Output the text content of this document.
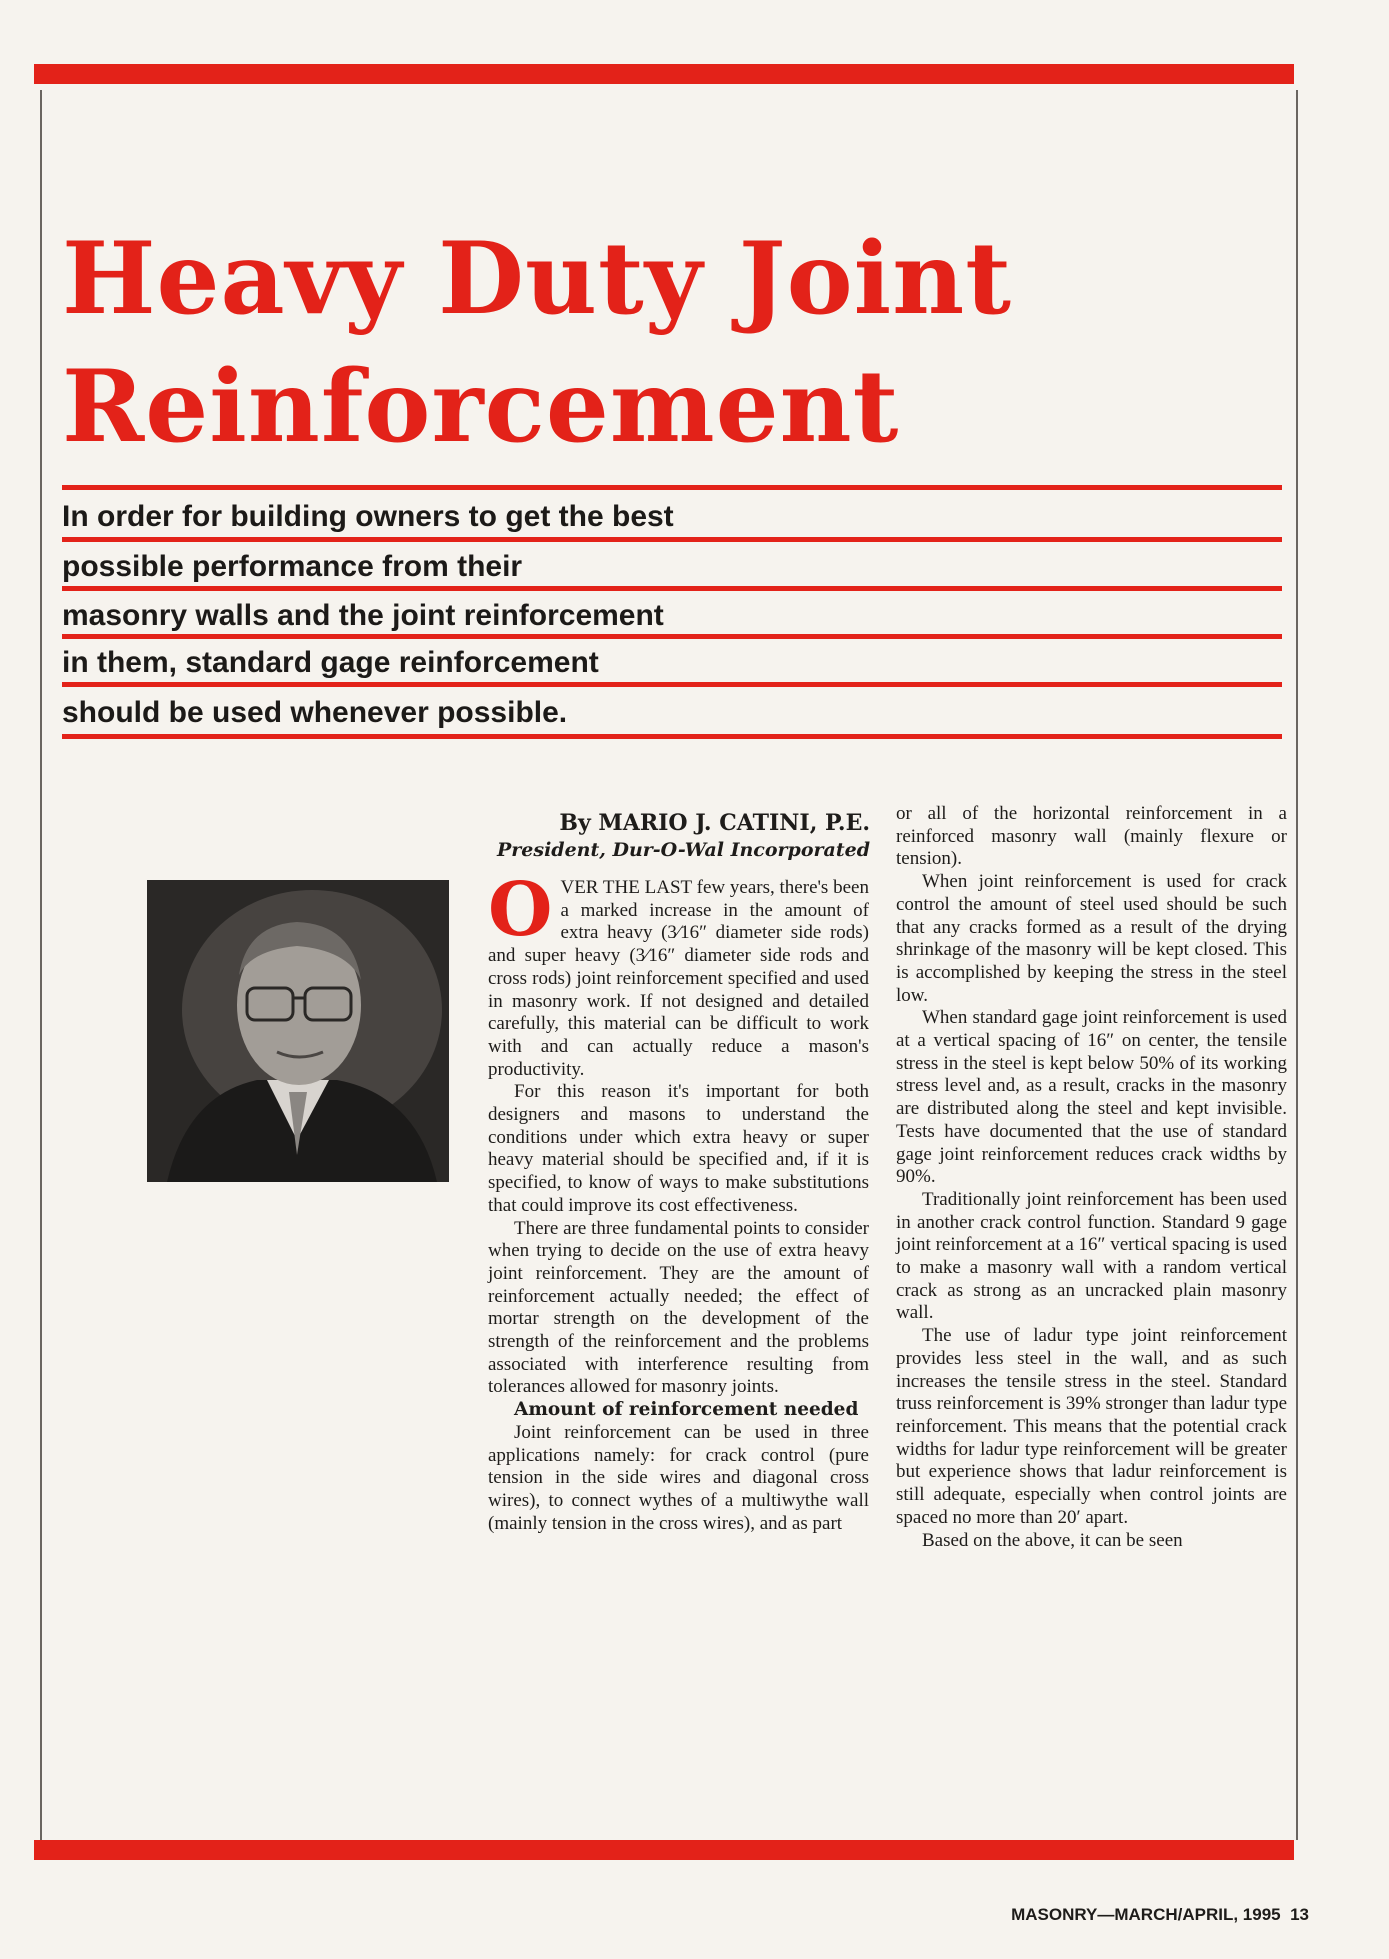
Heavy Duty Joint
Reinforcement
In order for building owners to get the best
possible performance from their
masonry walls and the joint reinforcement
in them, standard gage reinforcement
should be used whenever possible.
By MARIO J. CATINI, P.E.
President, Dur-O-Wal Incorporated

OVER THE LAST few years, there's been a marked increase in the amount of extra heavy (3⁄16″ diameter side rods) and super heavy (3⁄16″ diameter side rods and cross rods) joint reinforcement specified and used in masonry work. If not designed and detailed carefully, this material can be difficult to work with and can actually reduce a mason's productivity.

For this reason it's important for both designers and masons to understand the conditions under which extra heavy or super heavy material should be specified and, if it is specified, to know of ways to make substitutions that could improve its cost effectiveness.

There are three fundamental points to consider when trying to decide on the use of extra heavy joint reinforcement. They are the amount of reinforcement actually needed; the effect of mortar strength on the development of the strength of the reinforcement and the problems associated with interference resulting from tolerances allowed for masonry joints.

Amount of reinforcement needed

Joint reinforcement can be used in three applications namely: for crack control (pure tension in the side wires and diagonal cross wires), to connect wythes of a multiwythe wall (mainly tension in the cross wires), and as part

or all of the horizontal reinforcement in a reinforced masonry wall (mainly flexure or tension).

When joint reinforcement is used for crack control the amount of steel used should be such that any cracks formed as a result of the drying shrinkage of the masonry will be kept closed. This is accomplished by keeping the stress in the steel low.

When standard gage joint reinforcement is used at a vertical spacing of 16″ on center, the tensile stress in the steel is kept below 50% of its working stress level and, as a result, cracks in the masonry are distributed along the steel and kept invisible. Tests have documented that the use of standard gage joint reinforcement reduces crack widths by 90%.

Traditionally joint reinforcement has been used in another crack control function. Standard 9 gage joint reinforcement at a 16″ vertical spacing is used to make a masonry wall with a random vertical crack as strong as an uncracked plain masonry wall.

The use of ladur type joint reinforcement provides less steel in the wall, and as such increases the tensile stress in the steel. Standard truss reinforcement is 39% stronger than ladur type reinforcement. This means that the potential crack widths for ladur type reinforcement will be greater but experience shows that ladur reinforcement is still adequate, especially when control joints are spaced no more than 20′ apart.

Based on the above, it can be seen

MASONRY—MARCH/APRIL, 1995 13
